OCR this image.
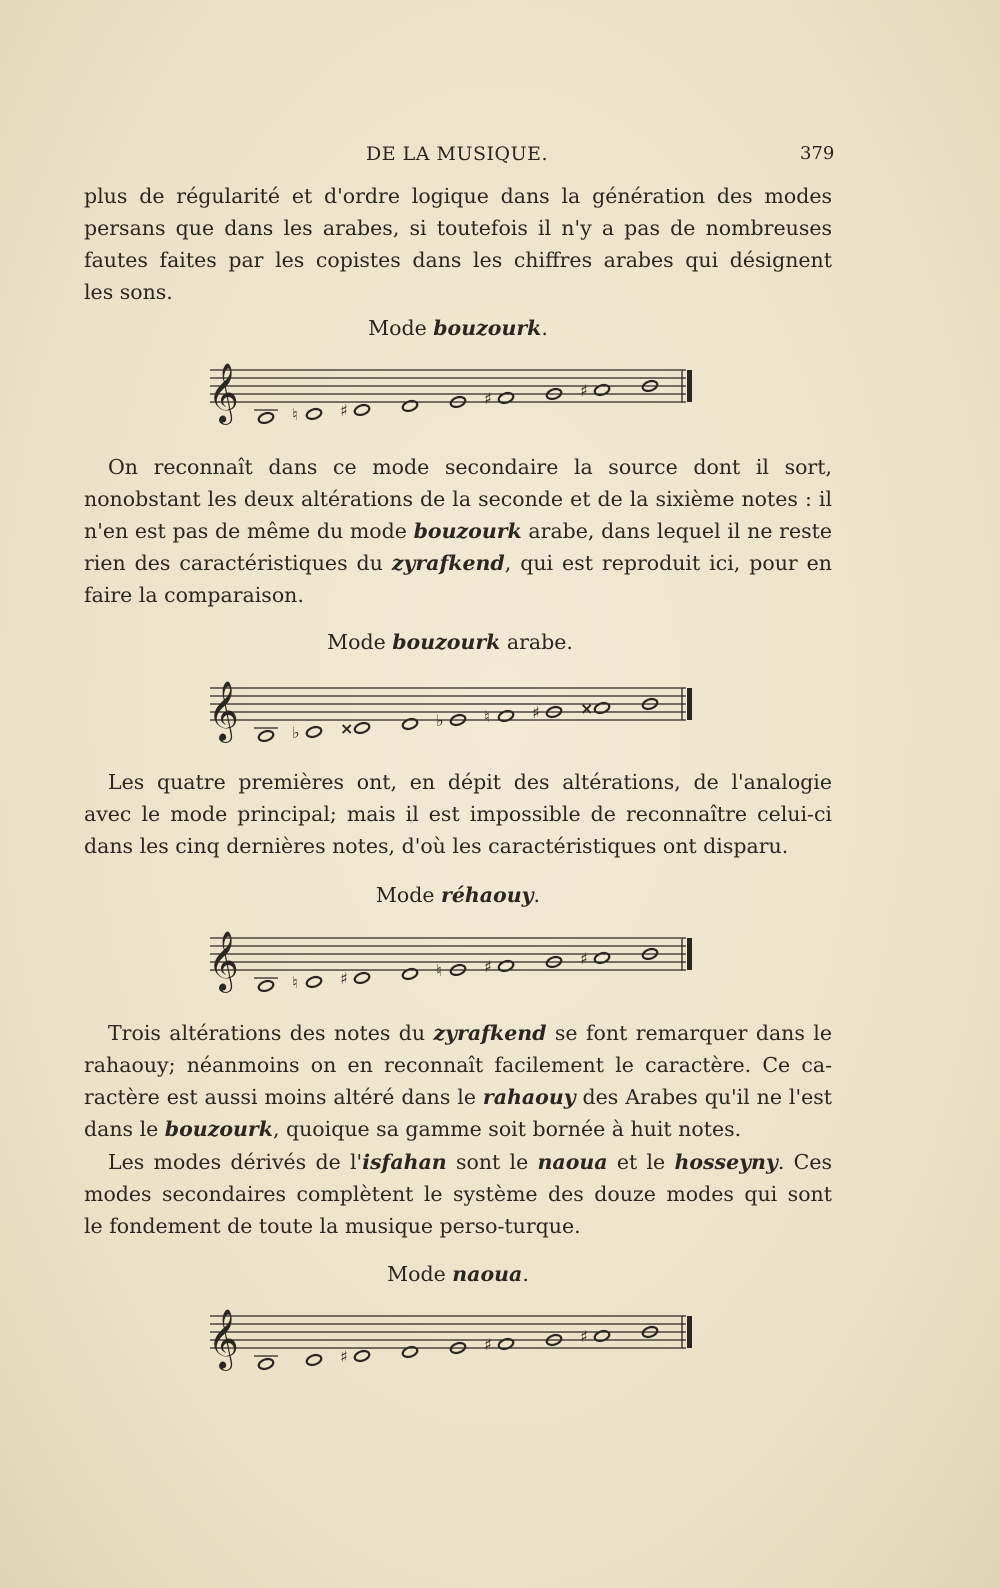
DE LA MUSIQUE.	379
plus de régularité et d'ordre logique dans la génération des modes
persans que dans les arabes, si toutefois il n'y a pas de nombreuses
fautes faites par les copistes dans les chiffres arabes qui désignent
les sons.
Mode bouzourk.
𝄞	♮	♯
♯	♯
On reconnaît dans ce mode secondaire la source dont il sort,
nonobstant les deux altérations de la seconde et de la sixième notes : il
n'en est pas de même du mode bouzourk arabe, dans lequel il ne reste
rien des caractéristiques du zyrafkend, qui est reproduit ici, pour en
faire la comparaison.
Mode bouzourk arabe.
𝄞	♭	×	♭	♮	♯	×
Les quatre premières ont, en dépit des altérations, de l'analogie
avec le mode principal; mais il est impossible de reconnaître celui-ci
dans les cinq dernières notes, d'où les caractéristiques ont disparu.
Mode réhaouy.
𝄞	♮	♯	♮	♯	♯
Trois altérations des notes du zyrafkend se font remarquer dans le
rahaouy; néanmoins on en reconnaît facilement le caractère. Ce ca-
ractère est aussi moins altéré dans le rahaouy des Arabes qu'il ne l'est
dans le bouzourk, quoique sa gamme soit bornée à huit notes.
Les modes dérivés de l'isfahan sont le naoua et le hosseyny. Ces
modes secondaires complètent le système des douze modes qui sont
le fondement de toute la musique perso-turque.
Mode naoua.
𝄞	♯
♯	♯
